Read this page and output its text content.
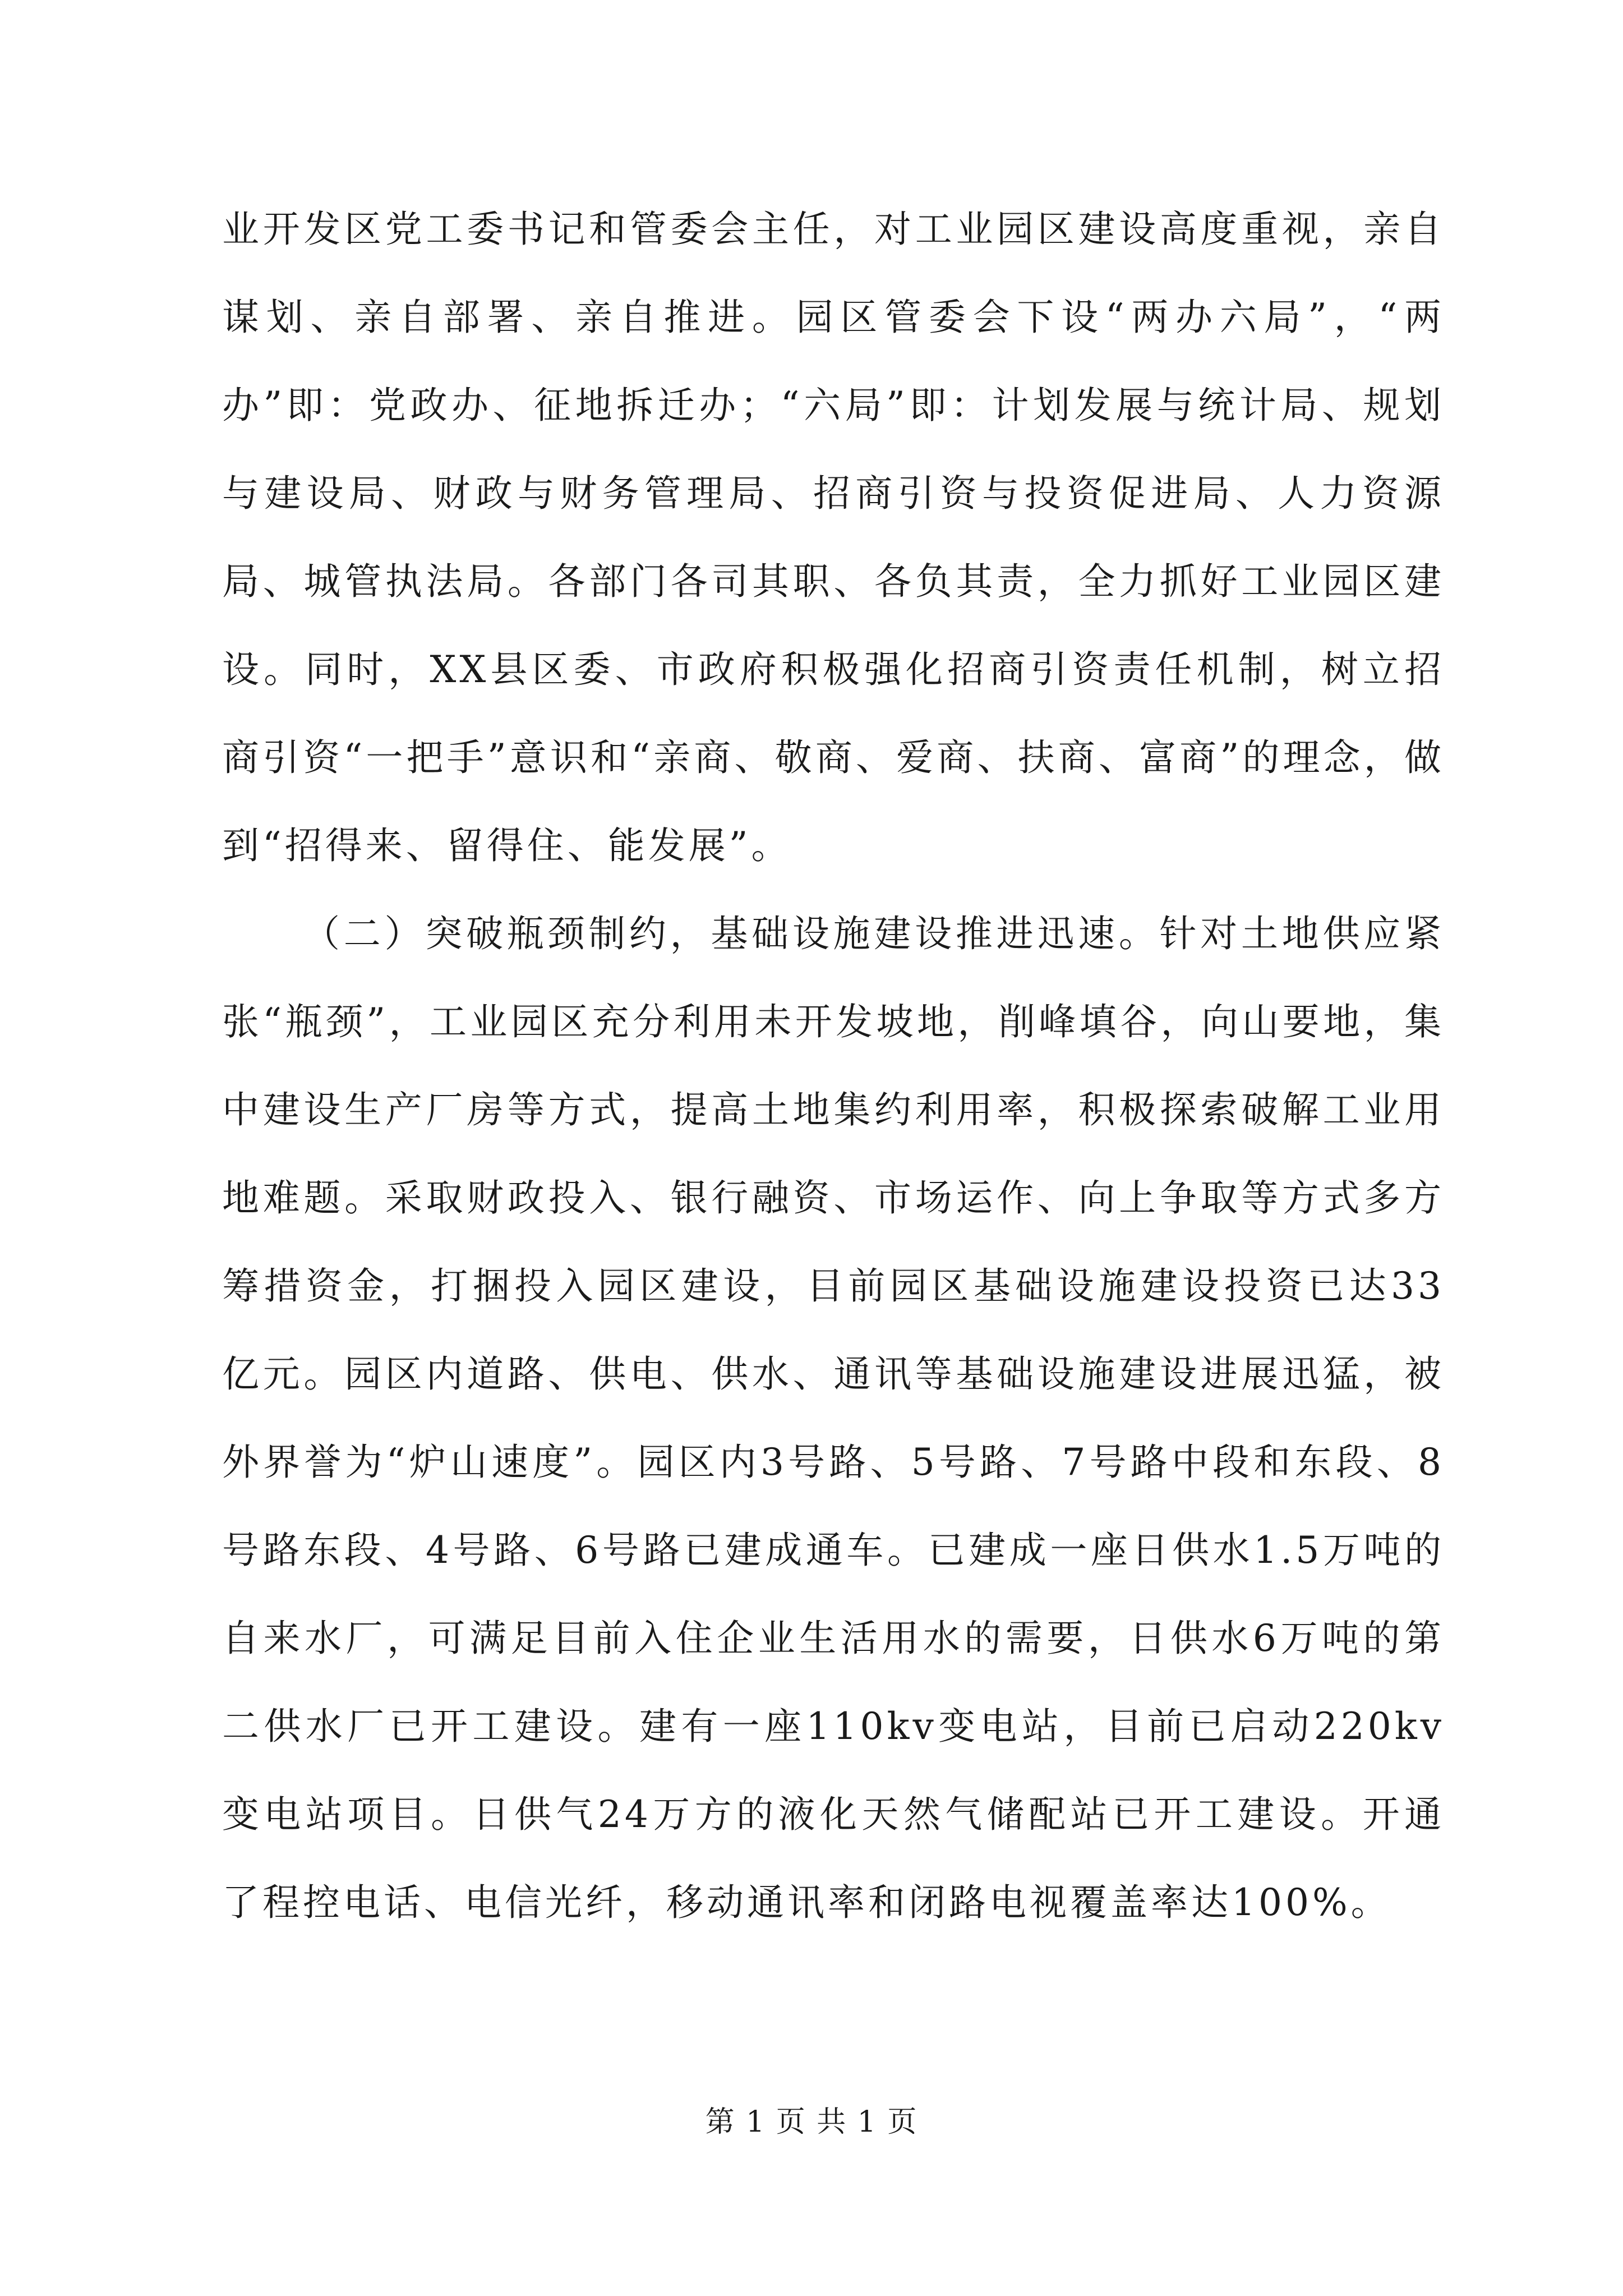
业开发区党工委书记和管委会主任，对工业园区建设高度重视，亲自谋划、亲自部署、亲自推进。园区管委会下设“两办六局”，“两办”即：党政办、征地拆迁办；“六局”即：计划发展与统计局、规划与建设局、财政与财务管理局、招商引资与投资促进局、人力资源局、城管执法局。各部门各司其职、各负其责，全力抓好工业园区建设。同时，XX县区委、市政府积极强化招商引资责任机制，树立招商引资“一把手”意识和“亲商、敬商、爱商、扶商、富商”的理念，做到“招得来、留得住、能发展”。

（二）突破瓶颈制约，基础设施建设推进迅速。针对土地供应紧张“瓶颈”，工业园区充分利用未开发坡地，削峰填谷，向山要地，集中建设生产厂房等方式，提高土地集约利用率，积极探索破解工业用地难题。采取财政投入、银行融资、市场运作、向上争取等方式多方筹措资金，打捆投入园区建设，目前园区基础设施建设投资已达33亿元。园区内道路、供电、供水、通讯等基础设施建设进展迅猛，被外界誉为“炉山速度”。园区内3号路、5号路、7号路中段和东段、8号路东段、4号路、6号路已建成通车。已建成一座日供水1.5万吨的自来水厂，可满足目前入住企业生活用水的需要，日供水6万吨的第二供水厂已开工建设。建有一座110kv变电站，目前已启动220kv变电站项目。日供气24万方的液化天然气储配站已开工建设。开通了程控电话、电信光纤，移动通讯率和闭路电视覆盖率达100%。

第 1 页 共 1 页
